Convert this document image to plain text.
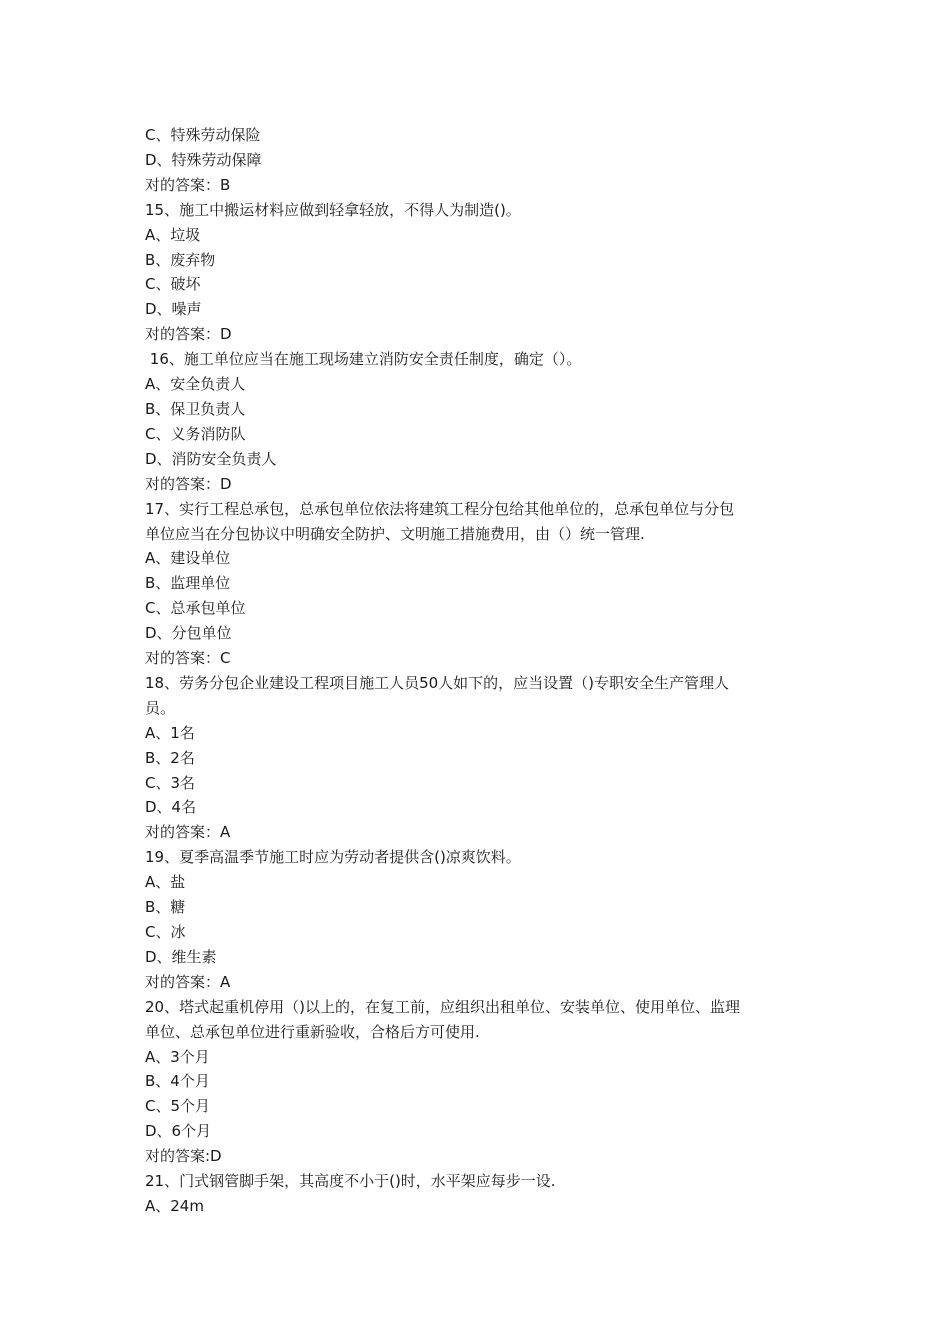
C、特殊劳动保险
D、特殊劳动保障
对的答案：B
15、施工中搬运材料应做到轻拿轻放，不得人为制造()。
A、垃圾
B、废弃物
C、破坏
D、噪声
对的答案：D
16、施工单位应当在施工现场建立消防安全责任制度，确定（）。
A、安全负责人
B、保卫负责人
C、义务消防队
D、消防安全负责人
对的答案：D
17、实行工程总承包，总承包单位依法将建筑工程分包给其他单位的，总承包单位与分包
单位应当在分包协议中明确安全防护、文明施工措施费用，由（）统一管理.
A、建设单位
B、监理单位
C、总承包单位
D、分包单位
对的答案：C
18、劳务分包企业建设工程项目施工人员50人如下的，应当设置（)专职安全生产管理人
员。
A、1名
B、2名
C、3名
D、4名
对的答案：A
19、夏季高温季节施工时应为劳动者提供含()凉爽饮料。
A、盐
B、糖
C、冰
D、维生素
对的答案：A
20、塔式起重机停用（)以上的，在复工前，应组织出租单位、安装单位、使用单位、监理
单位、总承包单位进行重新验收，合格后方可使用.
A、3个月
B、4个月
C、5个月
D、6个月
对的答案:D
21、门式钢管脚手架，其高度不小于()时，水平架应每步一设.
A、24m
